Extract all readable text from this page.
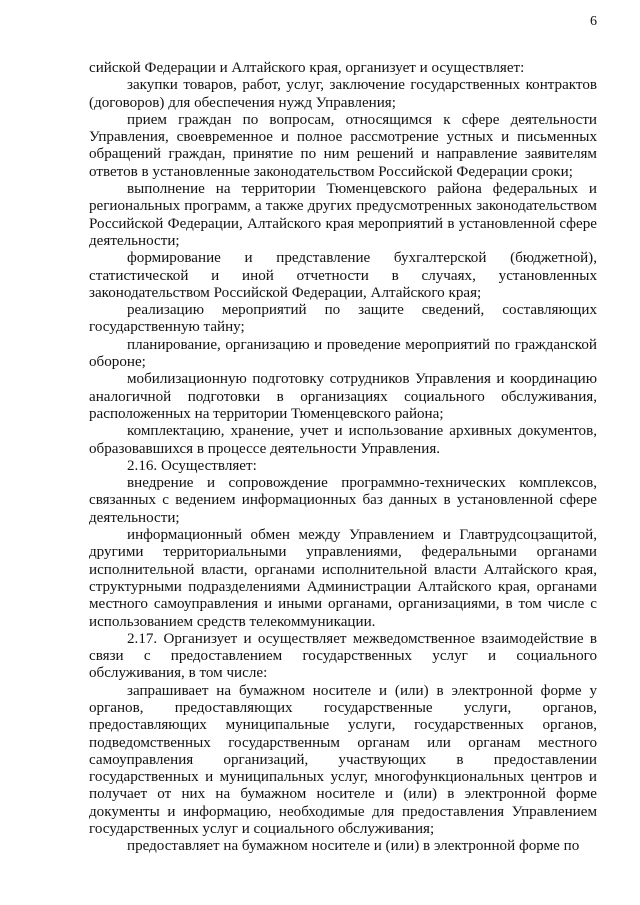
6

сийской Федерации и Алтайского края, организует и осуществляет:

закупки товаров, работ, услуг, заключение государственных контрактов (договоров) для обеспечения нужд Управления;

прием граждан по вопросам, относящимся к сфере деятельности Управления, своевременное и полное рассмотрение устных и письменных обращений граждан, принятие по ним решений и направление заявителям ответов в установленные законодательством Российской Федерации сроки;

выполнение на территории Тюменцевского района федеральных и региональных программ, а также других предусмотренных законодательством Российской Федерации, Алтайского края мероприятий в установленной сфере деятельности;

формирование и представление бухгалтерской (бюджетной), статистической и иной отчетности в случаях, установленных законодательством Российской Федерации, Алтайского края;

реализацию мероприятий по защите сведений, составляющих государственную тайну;

планирование, организацию и проведение мероприятий по гражданской обороне;

мобилизационную подготовку сотрудников Управления и координацию аналогичной подготовки в организациях социального обслуживания, расположенных на территории Тюменцевского района;

комплектацию, хранение, учет и использование архивных документов, образовавшихся в процессе деятельности Управления.

2.16. Осуществляет:

внедрение и сопровождение программно-технических комплексов, связанных с ведением информационных баз данных в установленной сфере деятельности;

информационный обмен между Управлением и Главтрудсоцзащитой, другими территориальными управлениями, федеральными органами исполнительной власти, органами исполнительной власти Алтайского края, структурными подразделениями Администрации Алтайского края, органами местного самоуправления и иными органами, организациями, в том числе с использованием средств телекоммуникации.

2.17. Организует и осуществляет межведомственное взаимодействие в связи с предоставлением государственных услуг и социального обслуживания, в том числе:

запрашивает на бумажном носителе и (или) в электронной форме у органов, предоставляющих государственные услуги, органов, предоставляющих муниципальные услуги, государственных органов, подведомственных государственным органам или органам местного самоуправления организаций, участвующих в предоставлении государственных и муниципальных услуг, многофункциональных центров и получает от них на бумажном носителе и (или) в электронной форме документы и информацию, необходимые для предоставления Управлением государственных услуг и социального обслуживания;

предоставляет на бумажном носителе и (или) в электронной форме по
